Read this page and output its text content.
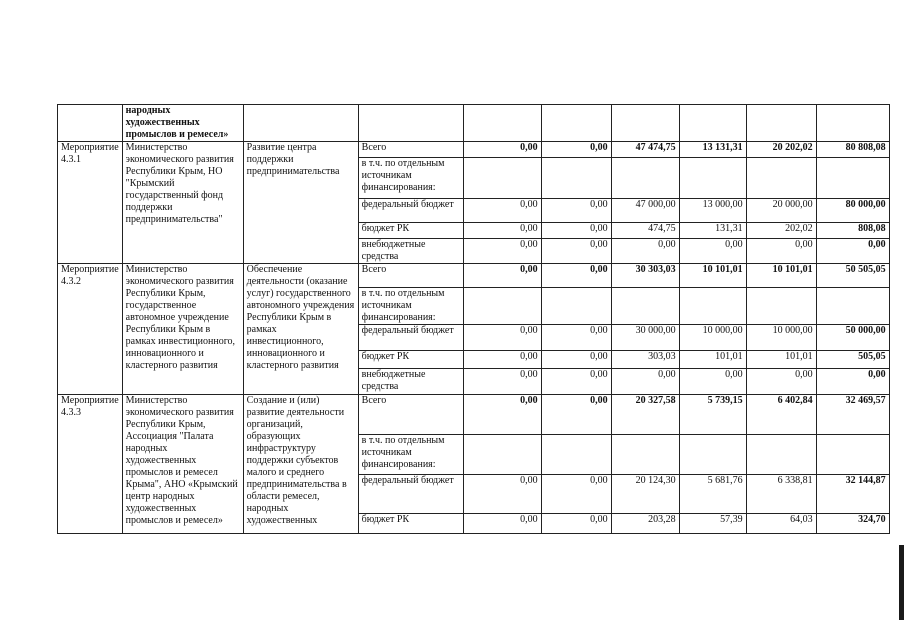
	народных художественных промыслов и ремесел»								
Мероприятие 4.3.1	Министерство экономического развития Республики Крым, НО "Крымский государственный фонд поддержки предпринимательства"	Развитие центра поддержки предпринимательства	Всего	0,00	0,00	47 474,75	13 131,31	20 202,02	80 808,08
			в т.ч. по отдельным источникам финансирования:						
			федеральный бюджет	0,00	0,00	47 000,00	13 000,00	20 000,00	80 000,00
			бюджет РК	0,00	0,00	474,75	131,31	202,02	808,08
			внебюджетные средства	0,00	0,00	0,00	0,00	0,00	0,00
Мероприятие 4.3.2	Министерство экономического развития Республики Крым, государственное автономное учреждение Республики Крым в рамках инвестиционного, инновационного и кластерного развития	Обеспечение деятельности (оказание услуг) государственного автономного учреждения Республики Крым в рамках инвестиционного, инновационного и кластерного развития	Всего	0,00	0,00	30 303,03	10 101,01	10 101,01	50 505,05
			в т.ч. по отдельным источникам финансирования:						
			федеральный бюджет	0,00	0,00	30 000,00	10 000,00	10 000,00	50 000,00
			бюджет РК	0,00	0,00	303,03	101,01	101,01	505,05
			внебюджетные средства	0,00	0,00	0,00	0,00	0,00	0,00
Мероприятие 4.3.3	Министерство экономического развития Республики Крым, Ассоциация "Палата народных художественных промыслов и ремесел Крыма", АНО «Крымский центр народных художественных промыслов и ремесел»	Создание и (или) развитие деятельности организаций, образующих инфраструктуру поддержки субъектов малого и среднего предпринимательства в области ремесел, народных художественных	Всего	0,00	0,00	20 327,58	5 739,15	6 402,84	32 469,57
			в т.ч. по отдельным источникам финансирования:						
			федеральный бюджет	0,00	0,00	20 124,30	5 681,76	6 338,81	32 144,87
			бюджет РК	0,00	0,00	203,28	57,39	64,03	324,70
